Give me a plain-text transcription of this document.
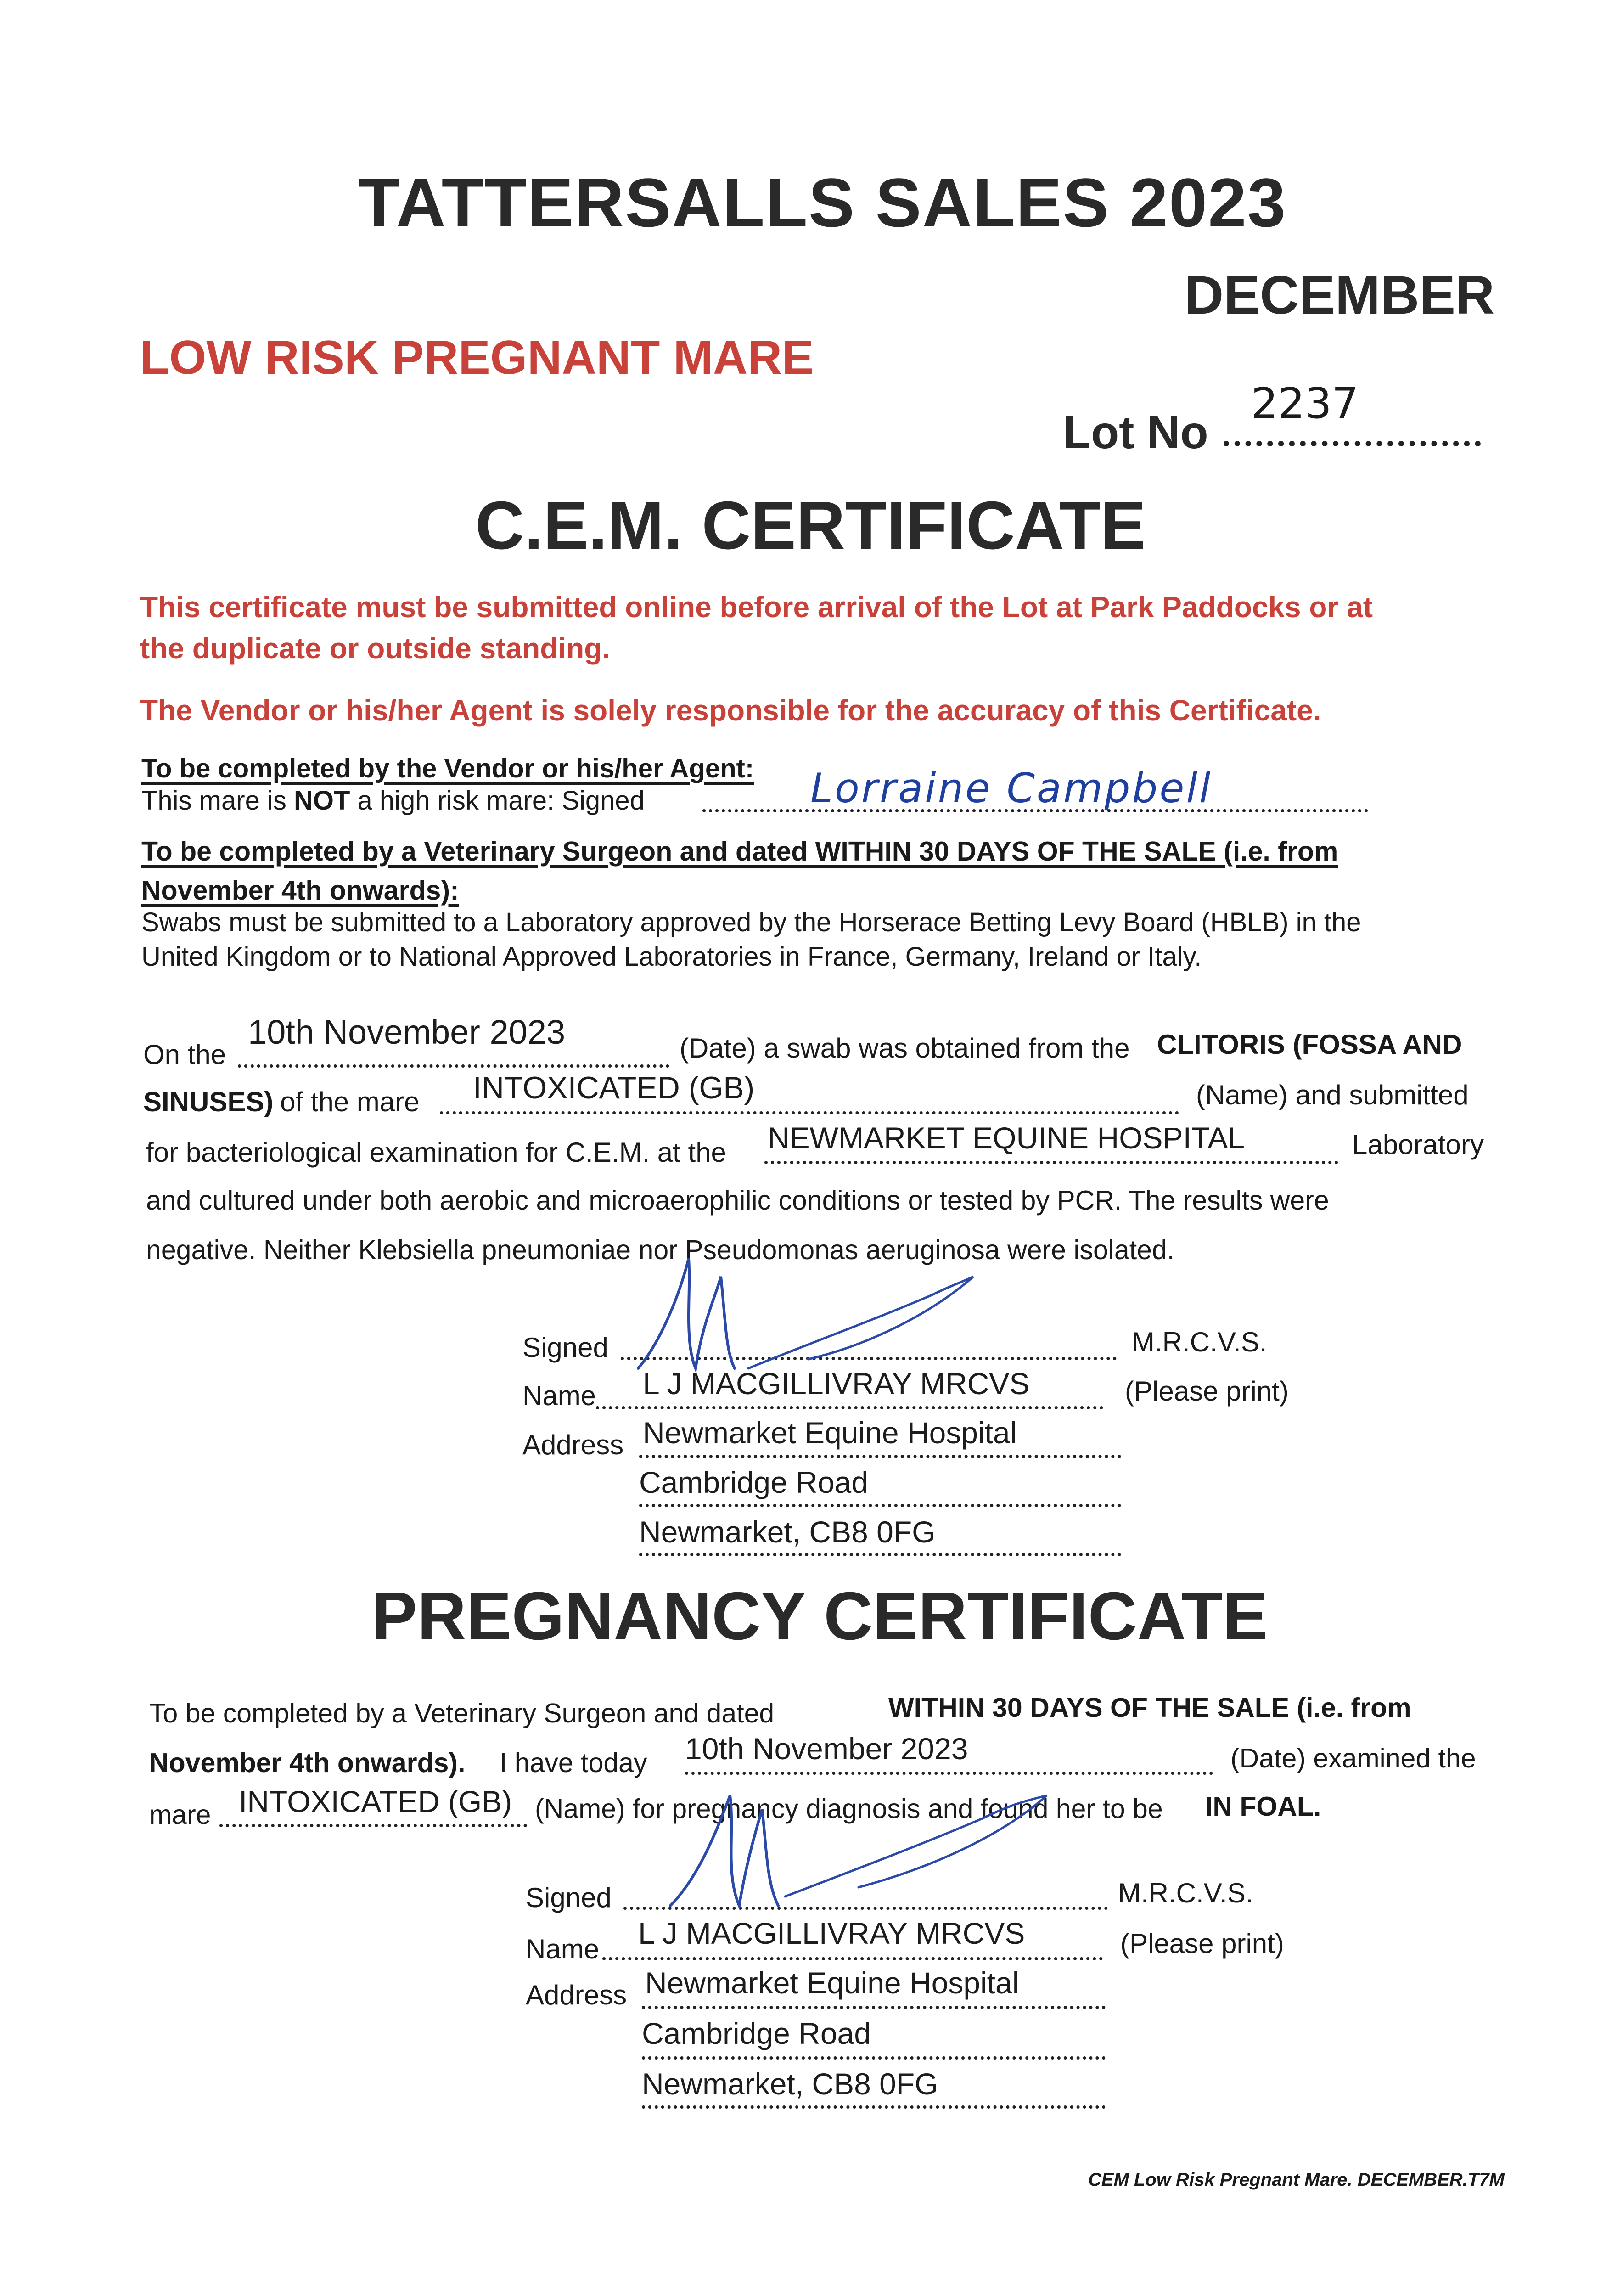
TATTERSALLS SALES 2023
DECEMBER
LOW RISK PREGNANT MARE
2237
Lot No
C.E.M. CERTIFICATE
This certificate must be submitted online before arrival of the Lot at Park Paddocks or at
the duplicate or outside standing.
The Vendor or his/her Agent is solely responsible for the accuracy of this Certificate.
To be completed by the Vendor or his/her Agent:
This mare is NOT a high risk mare: Signed	Lorraine Campbell
To be completed by a Veterinary Surgeon and dated WITHIN 30 DAYS OF THE SALE (i.e. from
November 4th onwards):
Swabs must be submitted to a Laboratory approved by the Horserace Betting Levy Board (HBLB) in the
United Kingdom or to National Approved Laboratories in France, Germany, Ireland or Italy.
On the
10th November 2023	(Date) a swab was obtained from the CLITORIS (FOSSA AND
SINUSES) of the mare INTOXICATED (GB)	(Name) and submitted
for bacteriological examination for C.E.M. at the NEWMARKET EQUINE HOSPITAL	Laboratory
and cultured under both aerobic and microaerophilic conditions or tested by PCR. The results were
negative. Neither Klebsiella pneumoniae nor Pseudomonas aeruginosa were isolated.
Signed	M.R.C.V.S.
Name L J MACGILLIVRAY MRCVS	(Please print)
Address Newmarket Equine Hospital
Cambridge Road
Newmarket, CB8 0FG
PREGNANCY CERTIFICATE
To be completed by a Veterinary Surgeon and dated	WITHIN 30 DAYS OF THE SALE (i.e. from
November 4th onwards). I have today 10th November 2023	(Date) examined the
mare INTOXICATED (GB) (Name) for pregnancy diagnosis and found her to be IN FOAL.
Signed	M.R.C.V.S.
Name L J MACGILLIVRAY MRCVS	(Please print)
Address Newmarket Equine Hospital
Cambridge Road
Newmarket, CB8 0FG
CEM Low Risk Pregnant Mare. DECEMBER.T7M
